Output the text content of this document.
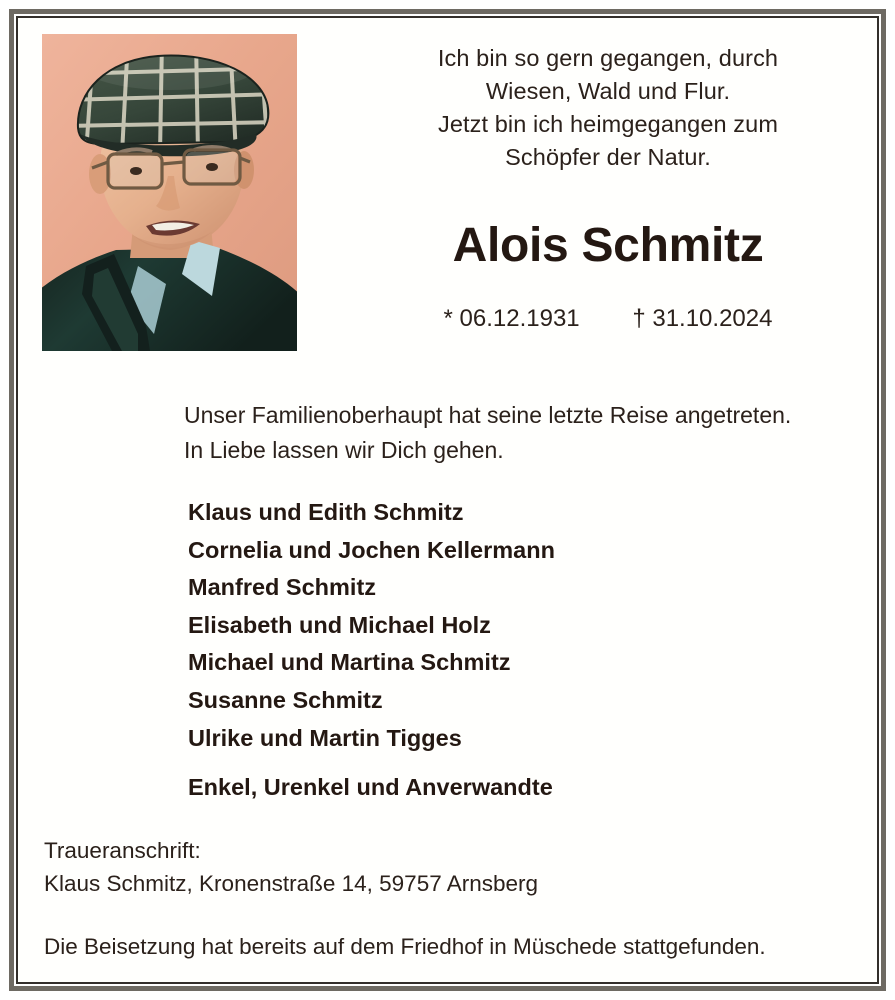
Ich bin so gern gegangen, durch
Wiesen, Wald und Flur.
Jetzt bin ich heimgegangen zum
Schöpfer der Natur.
Alois Schmitz
* 06.12.1931 † 31.10.2024
Unser Familienoberhaupt hat seine letzte Reise angetreten.
In Liebe lassen wir Dich gehen.
Klaus und Edith Schmitz
Cornelia und Jochen Kellermann
Manfred Schmitz
Elisabeth und Michael Holz
Michael und Martina Schmitz
Susanne Schmitz
Ulrike und Martin Tigges
Enkel, Urenkel und Anverwandte
Traueranschrift:
Klaus Schmitz, Kronenstraße 14, 59757 Arnsberg
Die Beisetzung hat bereits auf dem Friedhof in Müschede stattgefunden.
